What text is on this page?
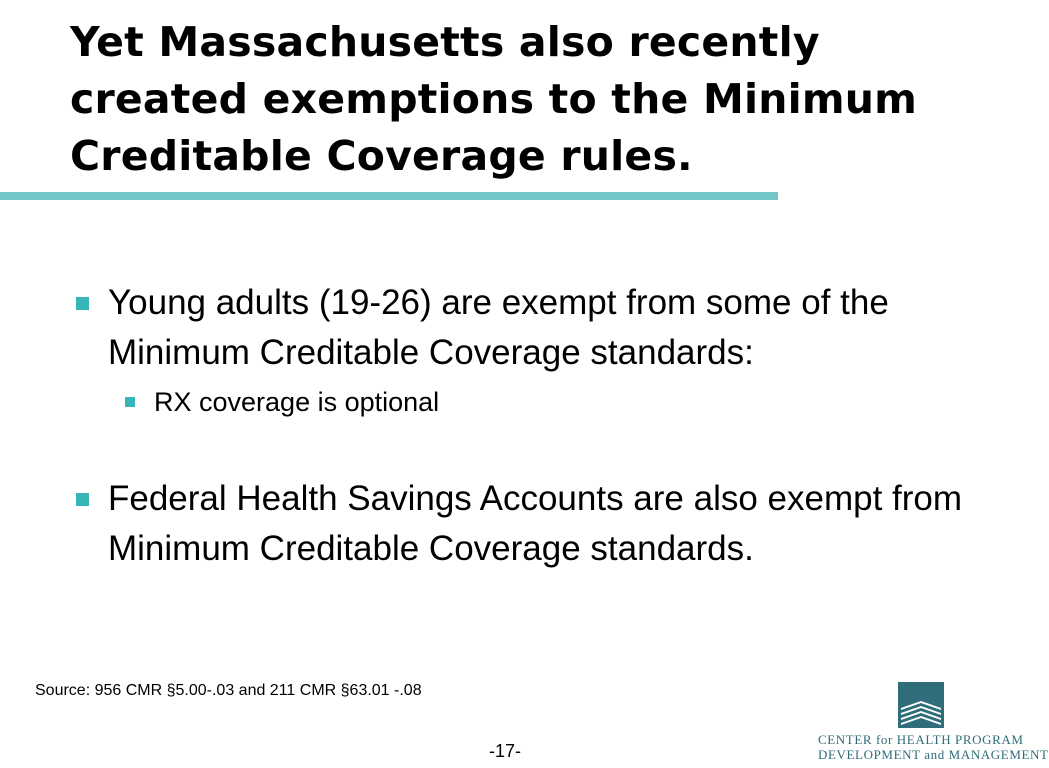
Yet Massachusetts also recently created exemptions to the Minimum Creditable Coverage rules.
Young adults (19-26) are exempt from some of the Minimum Creditable Coverage standards:
RX coverage is optional
Federal Health Savings Accounts are also exempt from Minimum Creditable Coverage standards.
Source: 956 CMR §5.00-.03 and 211 CMR §63.01 -.08
-17-
CENTER for HEALTH PROGRAM
DEVELOPMENT and MANAGEMENT
